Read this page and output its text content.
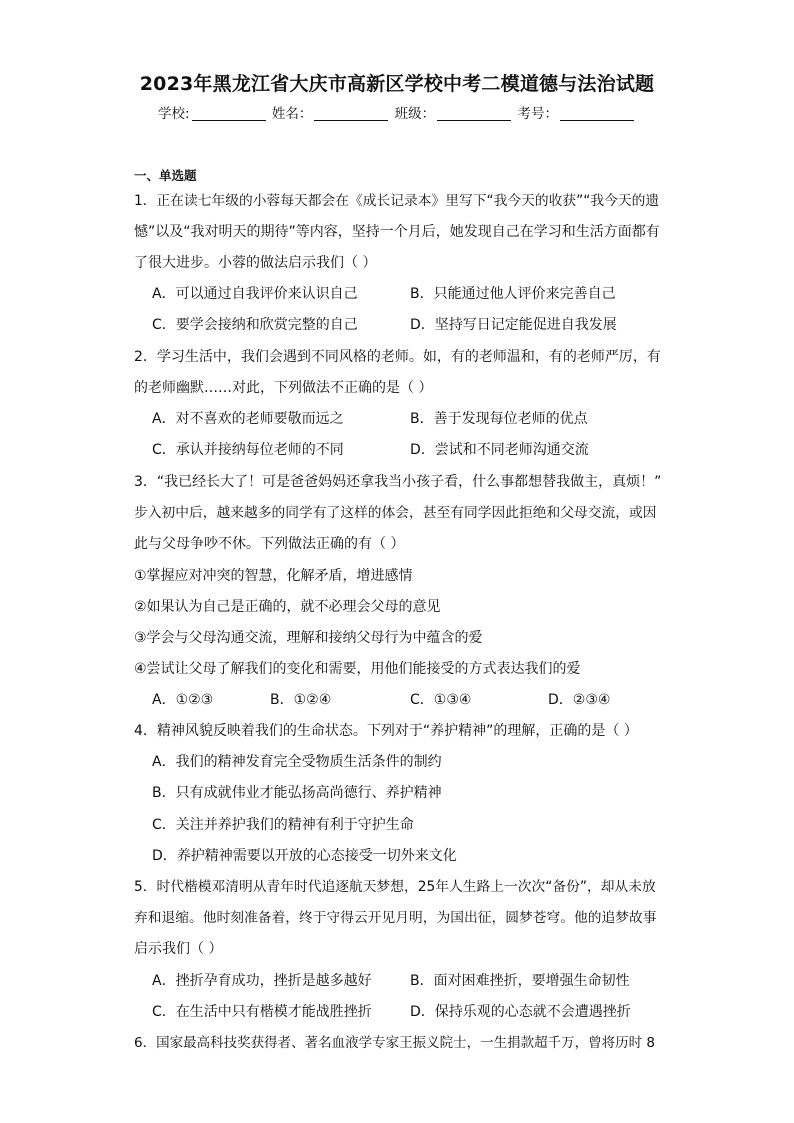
2023年黑龙江省大庆市高新区学校中考二模道德与法治试题
学校:	姓名：	班级：	考号：
一、单选题
1．正在读七年级的小蓉每天都会在《成长记录本》里写下“我今天的收获”“我今天的遗
憾”以及“我对明天的期待”等内容，坚持一个月后，她发现自己在学习和生活方面都有
了很大进步。小蓉的做法启示我们（ ）
A．可以通过自我评价来认识自己	B．只能通过他人评价来完善自己
C．要学会接纳和欣赏完整的自己	D．坚持写日记定能促进自我发展
2．学习生活中，我们会遇到不同风格的老师。如，有的老师温和，有的老师严厉，有
的老师幽默……对此，下列做法不正确的是（ ）
A．对不喜欢的老师要敬而远之	B．善于发现每位老师的优点
C．承认并接纳每位老师的不同	D．尝试和不同老师沟通交流
3．“我已经长大了！可是爸爸妈妈还拿我当小孩子看，什么事都想替我做主，真烦！”
步入初中后，越来越多的同学有了这样的体会，甚至有同学因此拒绝和父母交流，或因
此与父母争吵不休。下列做法正确的有（ ）
①掌握应对冲突的智慧，化解矛盾，增进感情
②如果认为自己是正确的，就不必理会父母的意见
③学会与父母沟通交流，理解和接纳父母行为中蕴含的爱
④尝试让父母了解我们的变化和需要，用他们能接受的方式表达我们的爱
A．①②③	B．①②④	C．①③④	D．②③④
4．精神风貌反映着我们的生命状态。下列对于“养护精神”的理解，正确的是（ ）
A．我们的精神发育完全受物质生活条件的制约
B．只有成就伟业才能弘扬高尚德行、养护精神
C．关注并养护我们的精神有利于守护生命
D．养护精神需要以开放的心态接受一切外来文化
5．时代楷模邓清明从青年时代追逐航天梦想，25年人生路上一次次“备份”，却从未放
弃和退缩。他时刻准备着，终于守得云开见月明，为国出征，圆梦苍穹。他的追梦故事
启示我们（ ）
A．挫折孕育成功，挫折是越多越好	B．面对困难挫折，要增强生命韧性
C．在生活中只有楷模才能战胜挫折	D．保持乐观的心态就不会遭遇挫折
6．国家最高科技奖获得者、著名血液学专家王振义院士，一生捐款超千万，曾将历时 8
